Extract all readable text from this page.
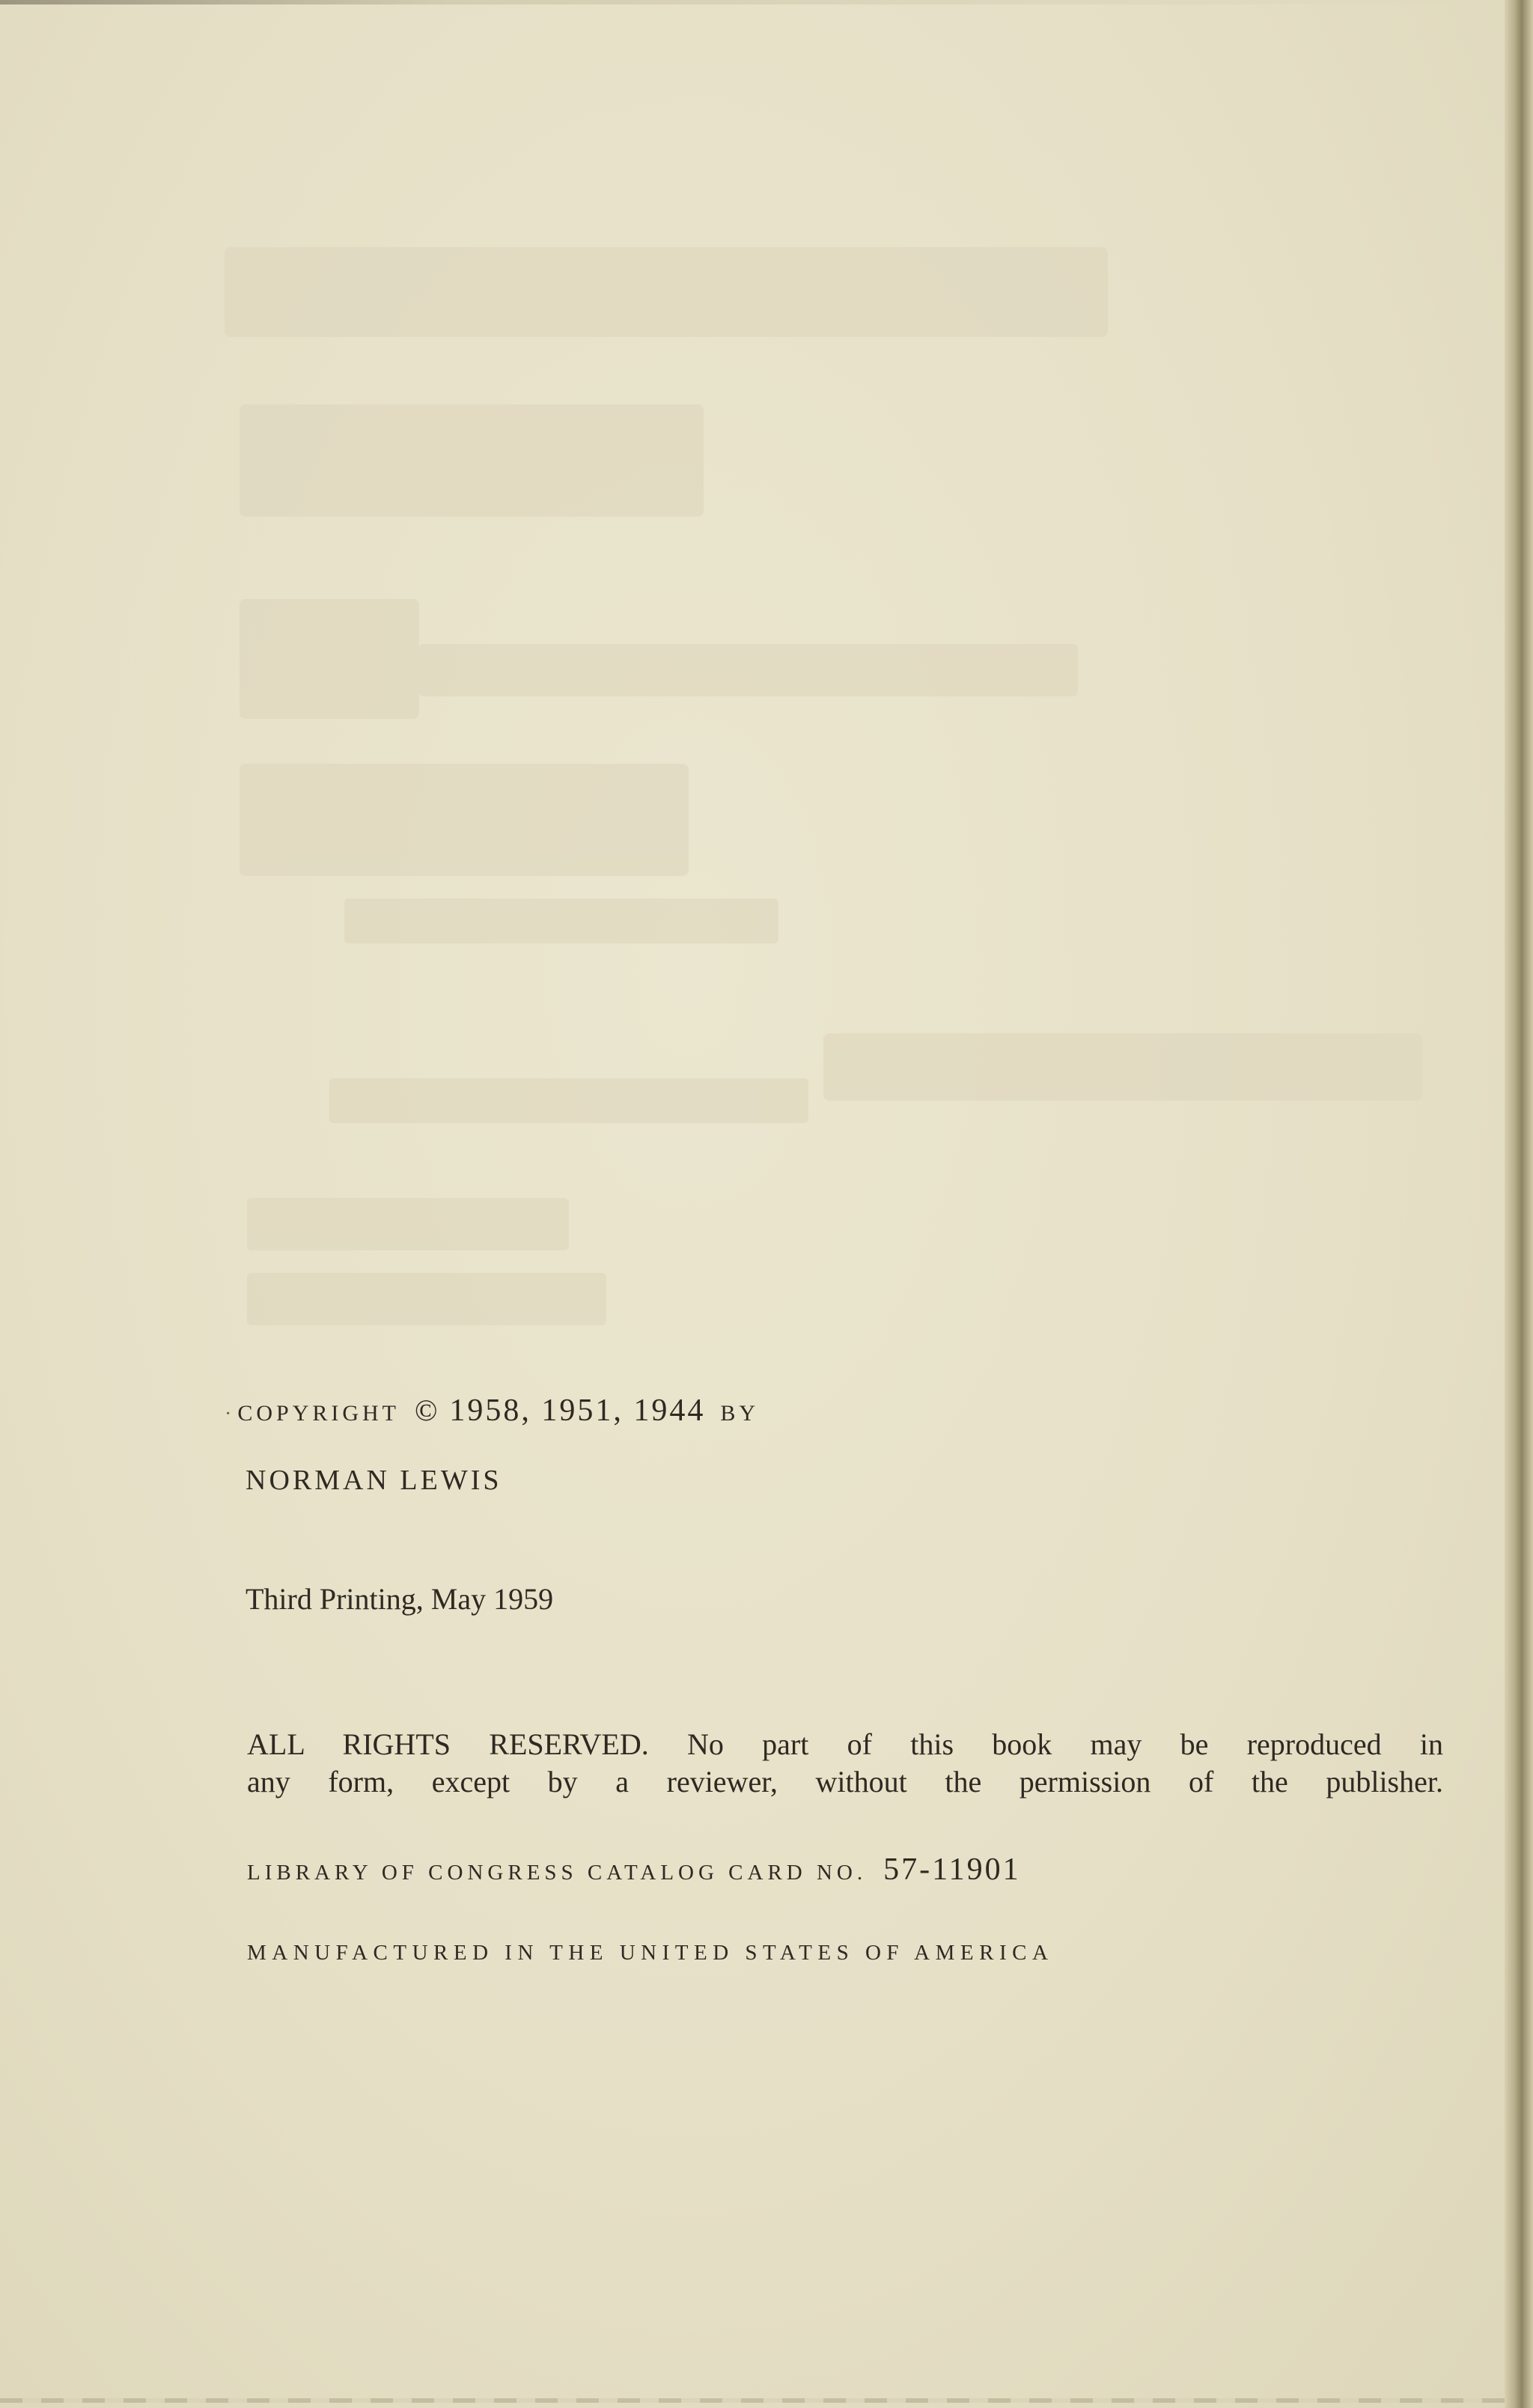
· COPYRIGHT © 1958, 1951, 1944 BY
NORMAN LEWIS
Third Printing, May 1959

ALL RIGHTS RESERVED. No part of this book may be reproduced in

any form, except by a reviewer, without the permission of the publisher.

LIBRARY OF CONGRESS CATALOG CARD NO. 57-11901
MANUFACTURED IN THE UNITED STATES OF AMERICA
